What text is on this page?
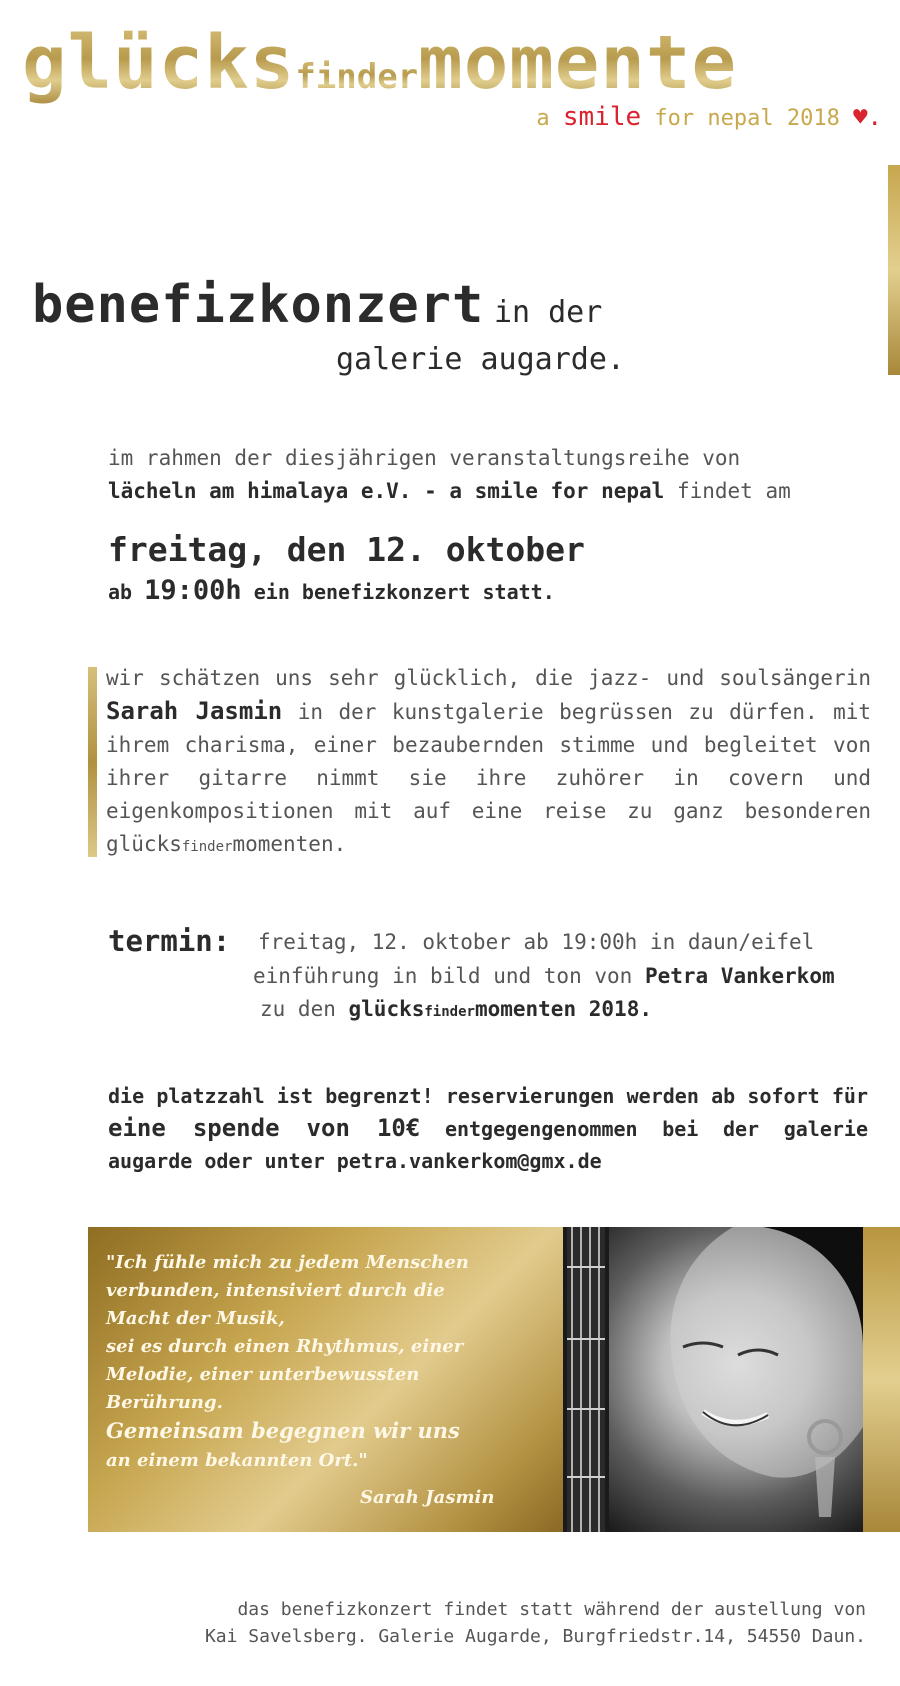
glücksfindermomente
a smile for nepal 2018 ♥.
benefizkonzert in der
galerie augarde.
im rahmen der diesjährigen veranstaltungsreihe von
lächeln am himalaya e.V. - a smile for nepal findet am
freitag, den 12. oktober
ab 19:00h ein benefizkonzert statt.
wir schätzen uns sehr glücklich, die jazz- und soulsängerin Sarah Jasmin in der kunstgalerie begrüssen zu dürfen. mit ihrem charisma, einer bezaubernden stimme und begleitet von ihrer gitarre nimmt sie ihre zuhörer in covern und eigenkompositionen mit auf eine reise zu ganz besonderen glücksfindermomenten.
termin: freitag, 12. oktober ab 19:00h in daun/eifel
einführung in bild und ton von Petra Vankerkom
zu den glücksfindermomenten 2018.
die platzzahl ist begrenzt! reservierungen werden ab sofort für eine spende von 10€ entgegengenommen bei der galerie augarde oder unter petra.vankerkom@gmx.de
"Ich fühle mich zu jedem Menschen
verbunden, intensiviert durch die
Macht der Musik,
sei es durch einen Rhythmus, einer
Melodie, einer unterbewussten
Berührung.
Gemeinsam begegnen wir uns
an einem bekannten Ort."
Sarah Jasmin
das benefizkonzert findet statt während der austellung von
Kai Savelsberg. Galerie Augarde, Burgfriedstr.14, 54550 Daun.
